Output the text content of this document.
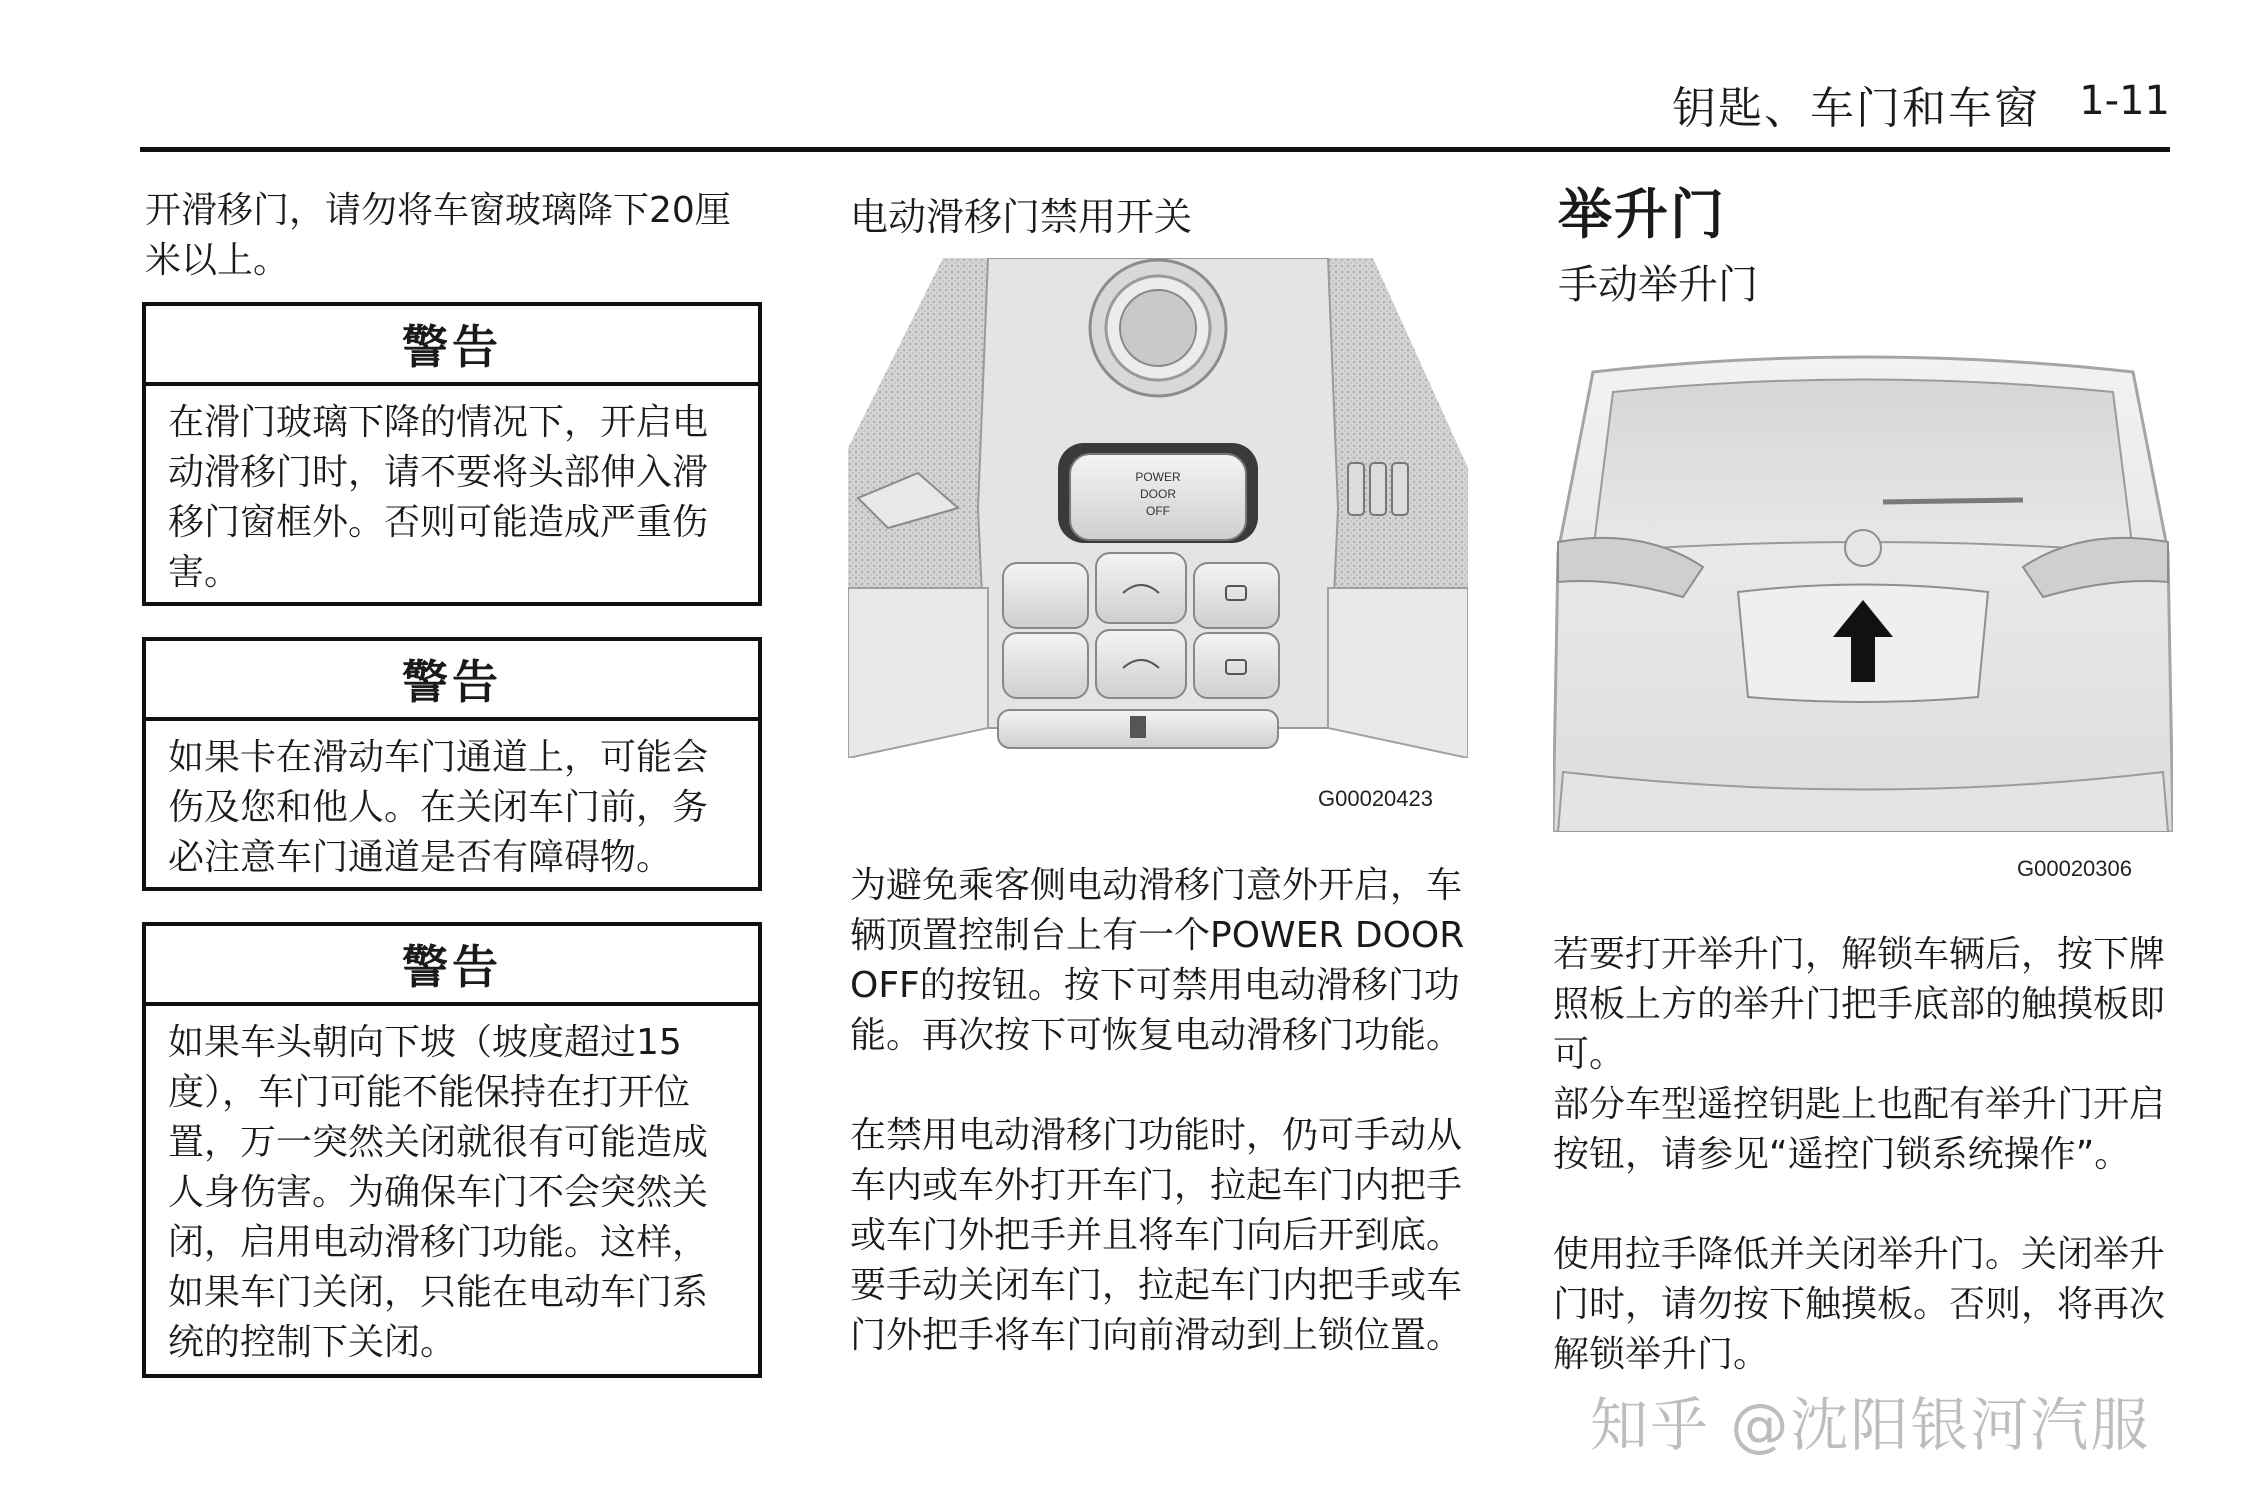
钥匙、车门和车窗 1-11

开滑移门，请勿将车窗玻璃降下20厘米以上。

警告
在滑门玻璃下降的情况下，开启电动滑移门时，请不要将头部伸入滑移门窗框外。否则可能造成严重伤害。
警告
如果卡在滑动车门通道上，可能会伤及您和他人。在关闭车门前，务必注意车门通道是否有障碍物。
警告
如果车头朝向下坡（坡度超过15度），车门可能不能保持在打开位置，万一突然关闭就很有可能造成人身伤害。为确保车门不会突然关闭，启用电动滑移门功能。这样，如果车门关闭，只能在电动车门系统的控制下关闭。
电动滑移门禁用开关
POWER
DOOR
OFF
G00020423

为避免乘客侧电动滑移门意外开启，车辆顶置控制台上有一个POWER DOOR OFF的按钮。按下可禁用电动滑移门功能。再次按下可恢复电动滑移门功能。

在禁用电动滑移门功能时，仍可手动从车内或车外打开车门，拉起车门内把手或车门外把手并且将车门向后开到底。要手动关闭车门，拉起车门内把手或车门外把手将车门向前滑动到上锁位置。

举升门
手动举升门
G00020306

若要打开举升门，解锁车辆后，按下牌照板上方的举升门把手底部的触摸板即可。

部分车型遥控钥匙上也配有举升门开启按钮，请参见“遥控门锁系统操作”。

使用拉手降低并关闭举升门。关闭举升门时，请勿按下触摸板。否则，将再次解锁举升门。

知乎 @沈阳银河汽服
